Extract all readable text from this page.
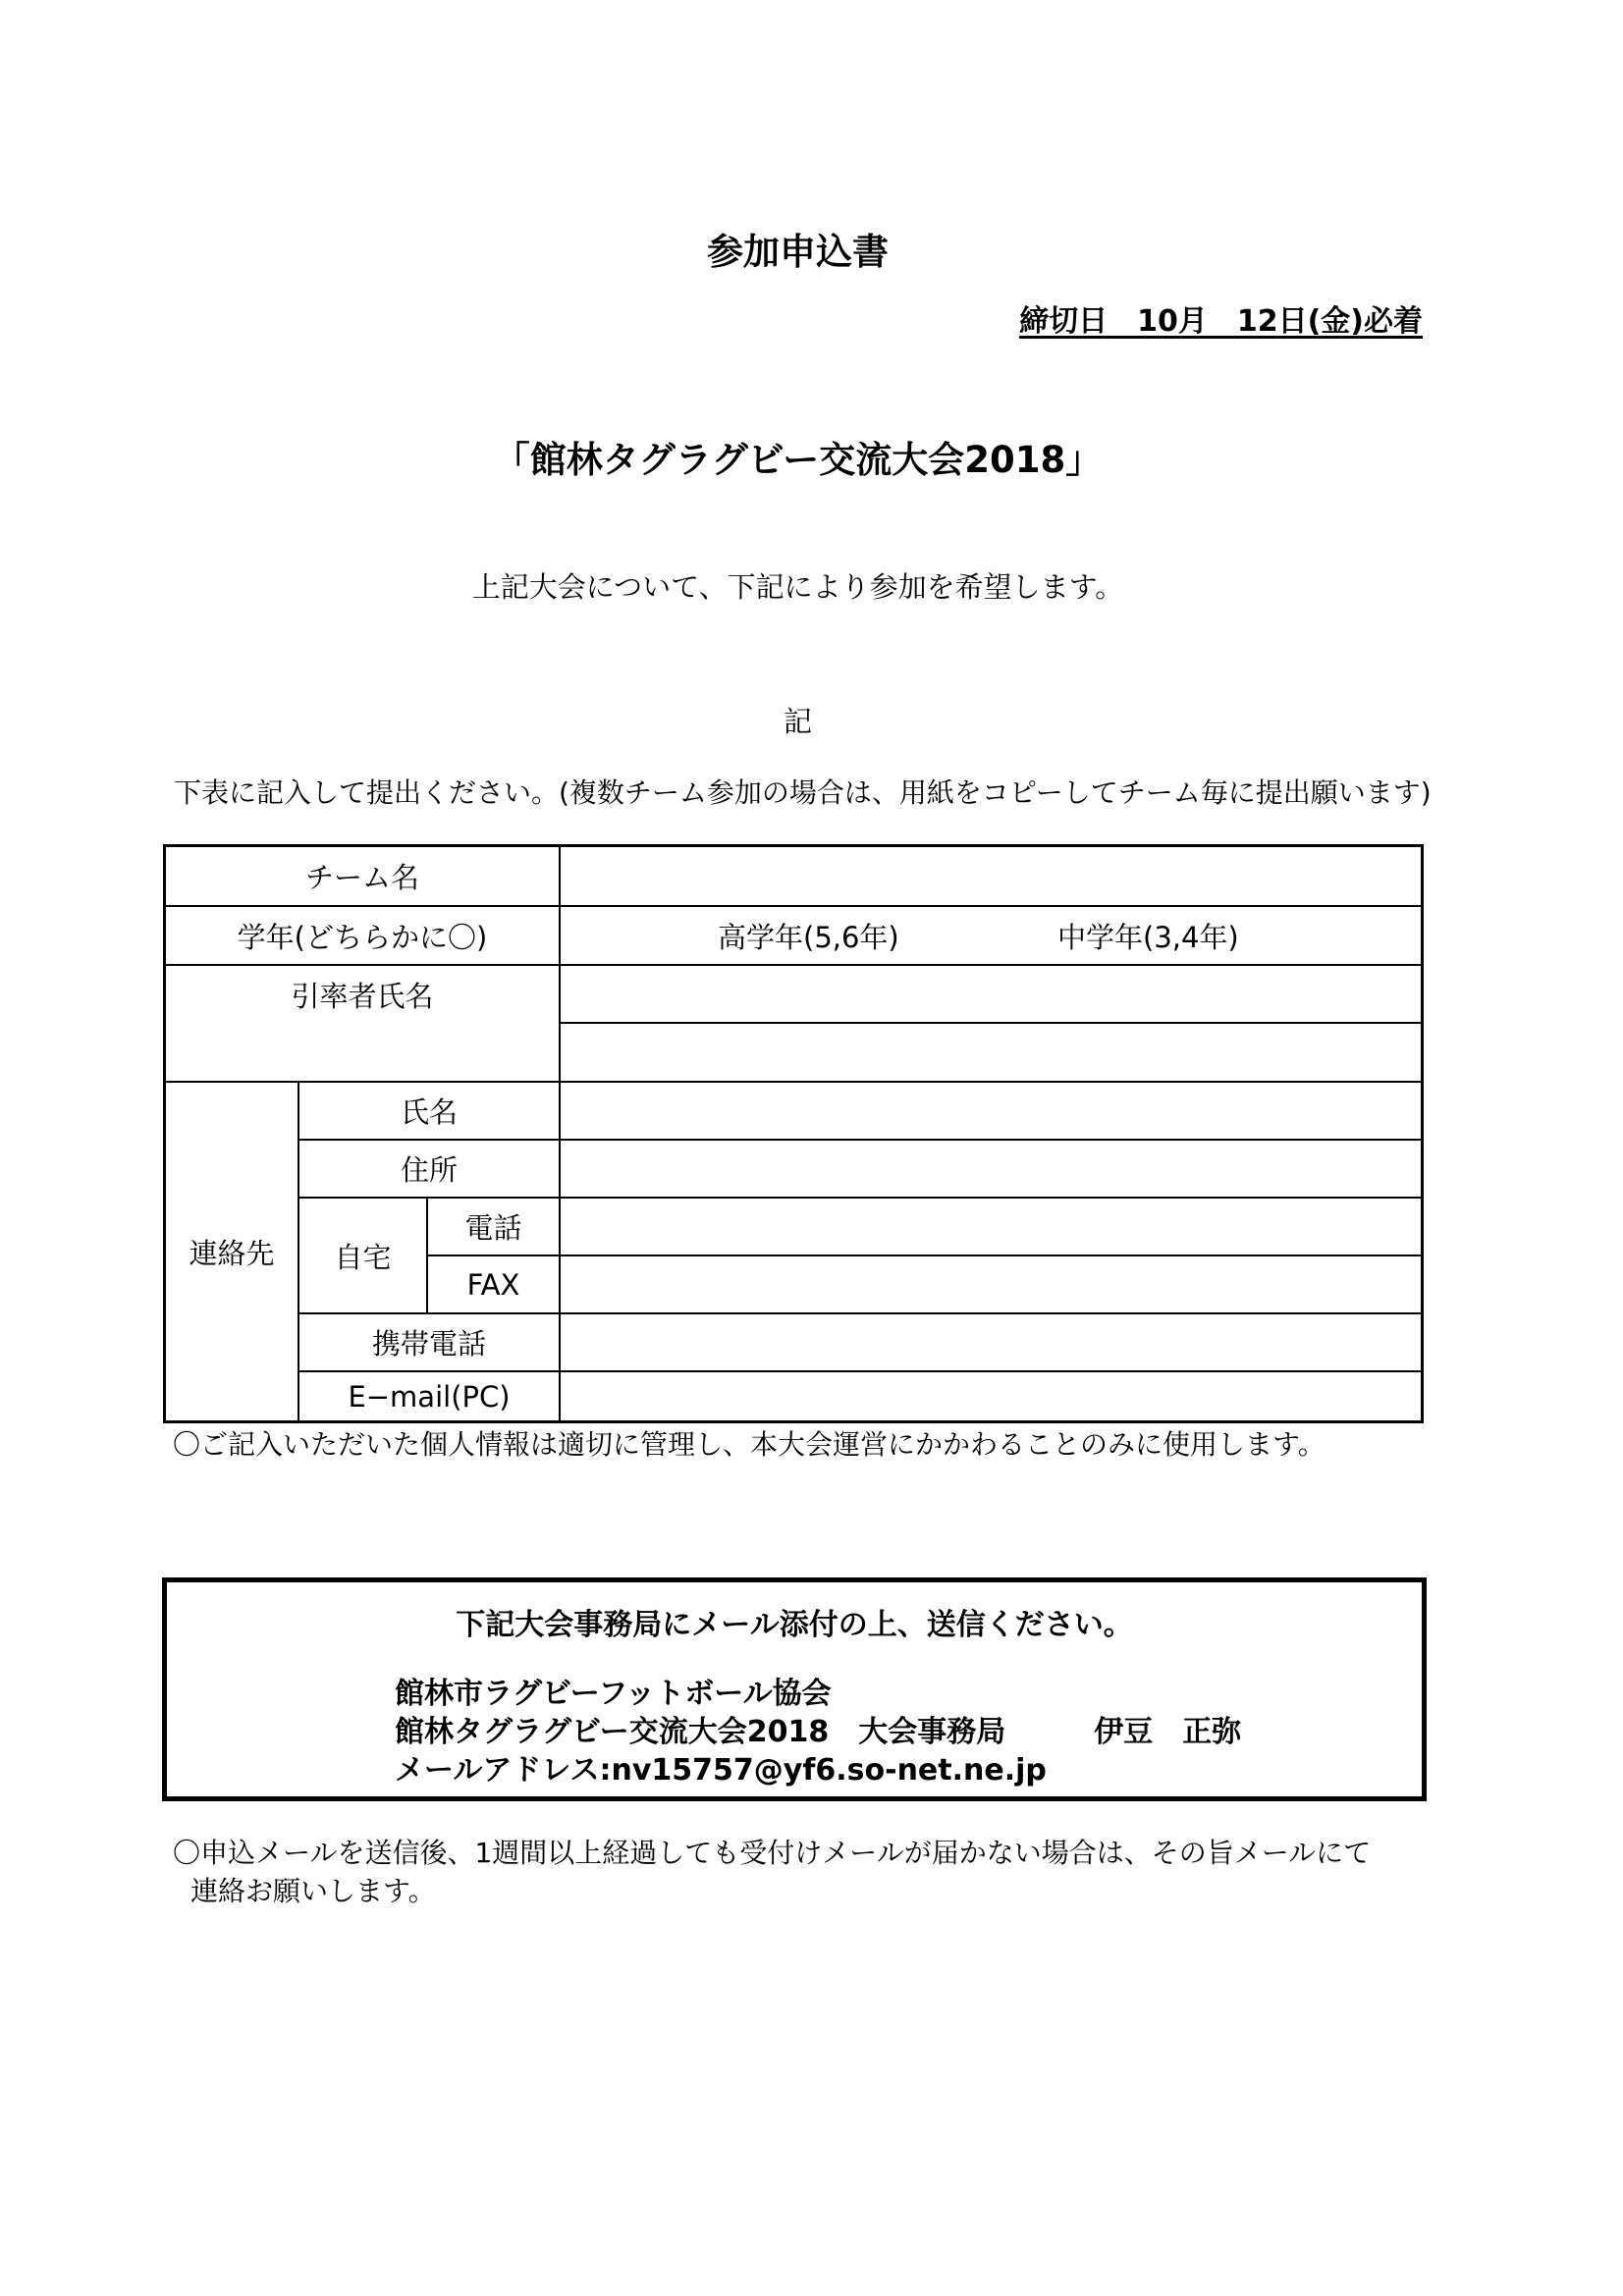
参加申込書
締切日　10月　12日(金)必着
「館林タグラグビー交流大会2018」
上記大会について、下記により参加を希望します。
記
下表に記入して提出ください。(複数チーム参加の場合は、用紙をコピーしてチーム毎に提出願います)
チーム名
学年(どちらかに〇)	高学年(5,6年)	中学年(3,4年)
引率者氏名
連絡先
氏名
住所
自宅
電話
FAX
携帯電話
E−mail(PC)
〇ご記入いただいた個人情報は適切に管理し、本大会運営にかかわることのみに使用します。
下記大会事務局にメール添付の上、送信ください。
館林市ラグビーフットボール協会
館林タグラグビー交流大会2018　大会事務局　　　伊豆　正弥
メールアドレス:nv15757@yf6.so-net.ne.jp
〇申込メールを送信後、1週間以上経過しても受付けメールが届かない場合は、その旨メールにて
連絡お願いします。
